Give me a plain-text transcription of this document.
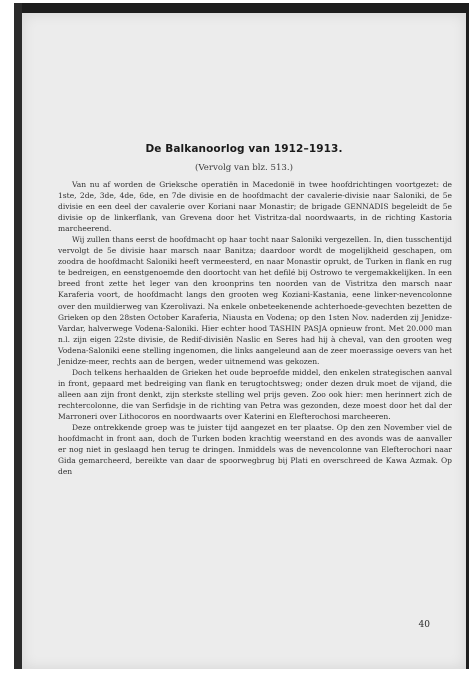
De Balkanoorlog van 1912–1913.
(Vervolg van blz. 513.)

Van nu af worden de Grieksche operatiën in Macedonië in twee hoofdrichtingen voortgezet: de 1ste, 2de, 3de, 4de, 6de, en 7de divisie en de hoofdmacht der cavalerie-divisie naar Saloniki, de 5e divisie en een deel der cavalerie over Koriani naar Monastir; de brigade GENNADIS begeleidt de 5e divisie op de linkerflank, van Grevena door het Vistritza-dal noordwaarts, in de richting Kastoria marcheerend.

Wij zullen thans eerst de hoofdmacht op haar tocht naar Saloniki vergezellen. In, dien tusschentijd vervolgt de 5e divisie haar marsch naar Banitza; daardoor wordt de mogelijkheid geschapen, om zoodra de hoofdmacht Saloniki heeft vermeesterd, en naar Monastir oprukt, de Turken in flank en rug te bedreigen, en eenstgenoemde den doortocht van het defilé bij Ostrowo te vergemakkelijken. In een breed front zette het leger van den kroonprins ten noorden van de Vistritza den marsch naar Karaferia voort, de hoofdmacht langs den grooten weg Koziani-Kastania, eene linker-nevencolonne over den muildierweg van Kzerolivazi. Na enkele onbeteekenende achterhoede-gevechten bezetten de Grieken op den 28sten October Karaferia, Niausta en Vodena; op den 1sten Nov. naderden zij Jenidze-Vardar, halverwege Vodena-Saloniki. Hier echter hood TASHIN PASJA opnieuw front. Met 20.000 man n.l. zijn eigen 22ste divisie, de Redif-divisiën Naslic en Seres had hij à cheval, van den grooten weg Vodena-Saloniki eene stelling ingenomen, die links aangeleund aan de zeer moerassige oevers van het Jenidze-meer, rechts aan de bergen, weder uitnemend was gekozen.

Doch telkens herhaalden de Grieken het oude beproefde middel, den enkelen strategischen aanval in front, gepaard met bedreiging van flank en terugtochtsweg; onder dezen druk moet de vijand, die alleen aan zijn front denkt, zijn sterkste stelling wel prijs geven. Zoo ook hier: men herinnert zich de rechtercolonne, die van Serfidsje in de richting van Petra was gezonden, deze moest door het dal der Marroneri over Lithocoros en noordwaarts over Katerini en Elefterochosi marcheeren.

Deze ontrekkende groep was te juister tijd aangezet en ter plaatse. Op den zen November viel de hoofdmacht in front aan, doch de Turken boden krachtig weerstand en des avonds was de aanvaller er nog niet in geslaagd hen terug te dringen. Inmiddels was de nevencolonne van Elefterochori naar Gida gemarcheerd, bereikte van daar de spoorwegbrug bij Plati en overschreed de Kawa Azmak. Op den

40
